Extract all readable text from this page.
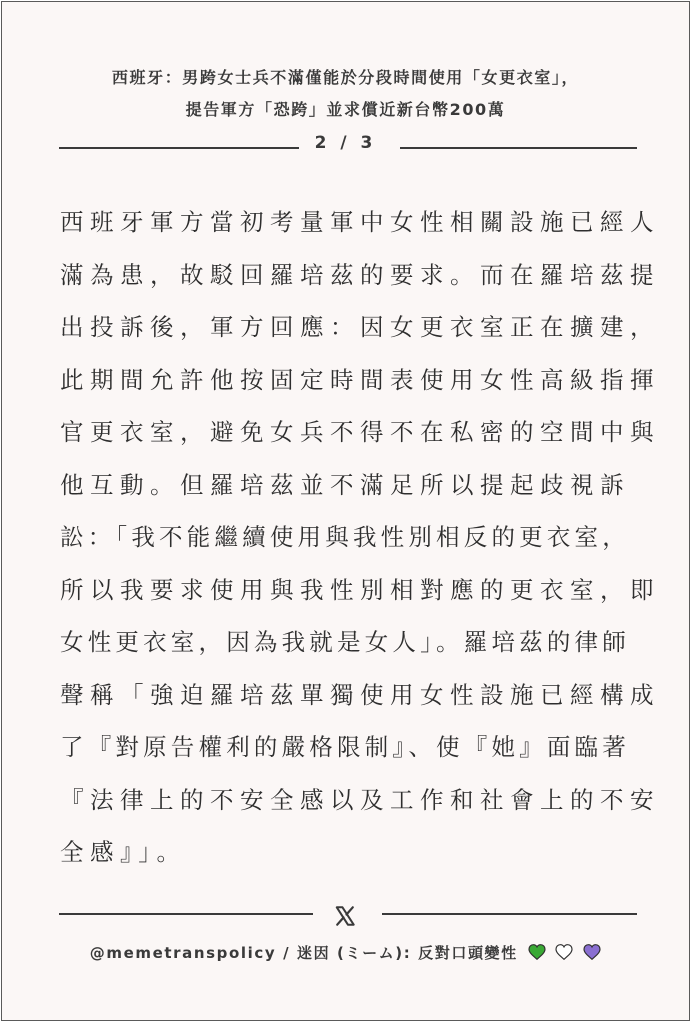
西班牙：男跨女士兵不滿僅能於分段時間使用「女更衣室」，
提告軍方「恐跨」並求償近新台幣200萬
2 / 3
西班牙軍方當初考量軍中女性相關設施已經人
滿為患，故駁回羅培茲的要求。而在羅培茲提
出投訴後，軍方回應：因女更衣室正在擴建，
此期間允許他按固定時間表使用女性高級指揮
官更衣室，避免女兵不得不在私密的空間中與
他互動。但羅培茲並不滿足所以提起歧視訴
訟：「我不能繼續使用與我性別相反的更衣室，
所以我要求使用與我性別相對應的更衣室，即
女性更衣室，因為我就是女人」。羅培茲的律師
聲稱「強迫羅培茲單獨使用女性設施已經構成
了『對原告權利的嚴格限制』、使『她』面臨著
『法律上的不安全感以及工作和社會上的不安
全感』」。
@memetranspolicy / 迷因 (ミーム): 反對口頭變性
